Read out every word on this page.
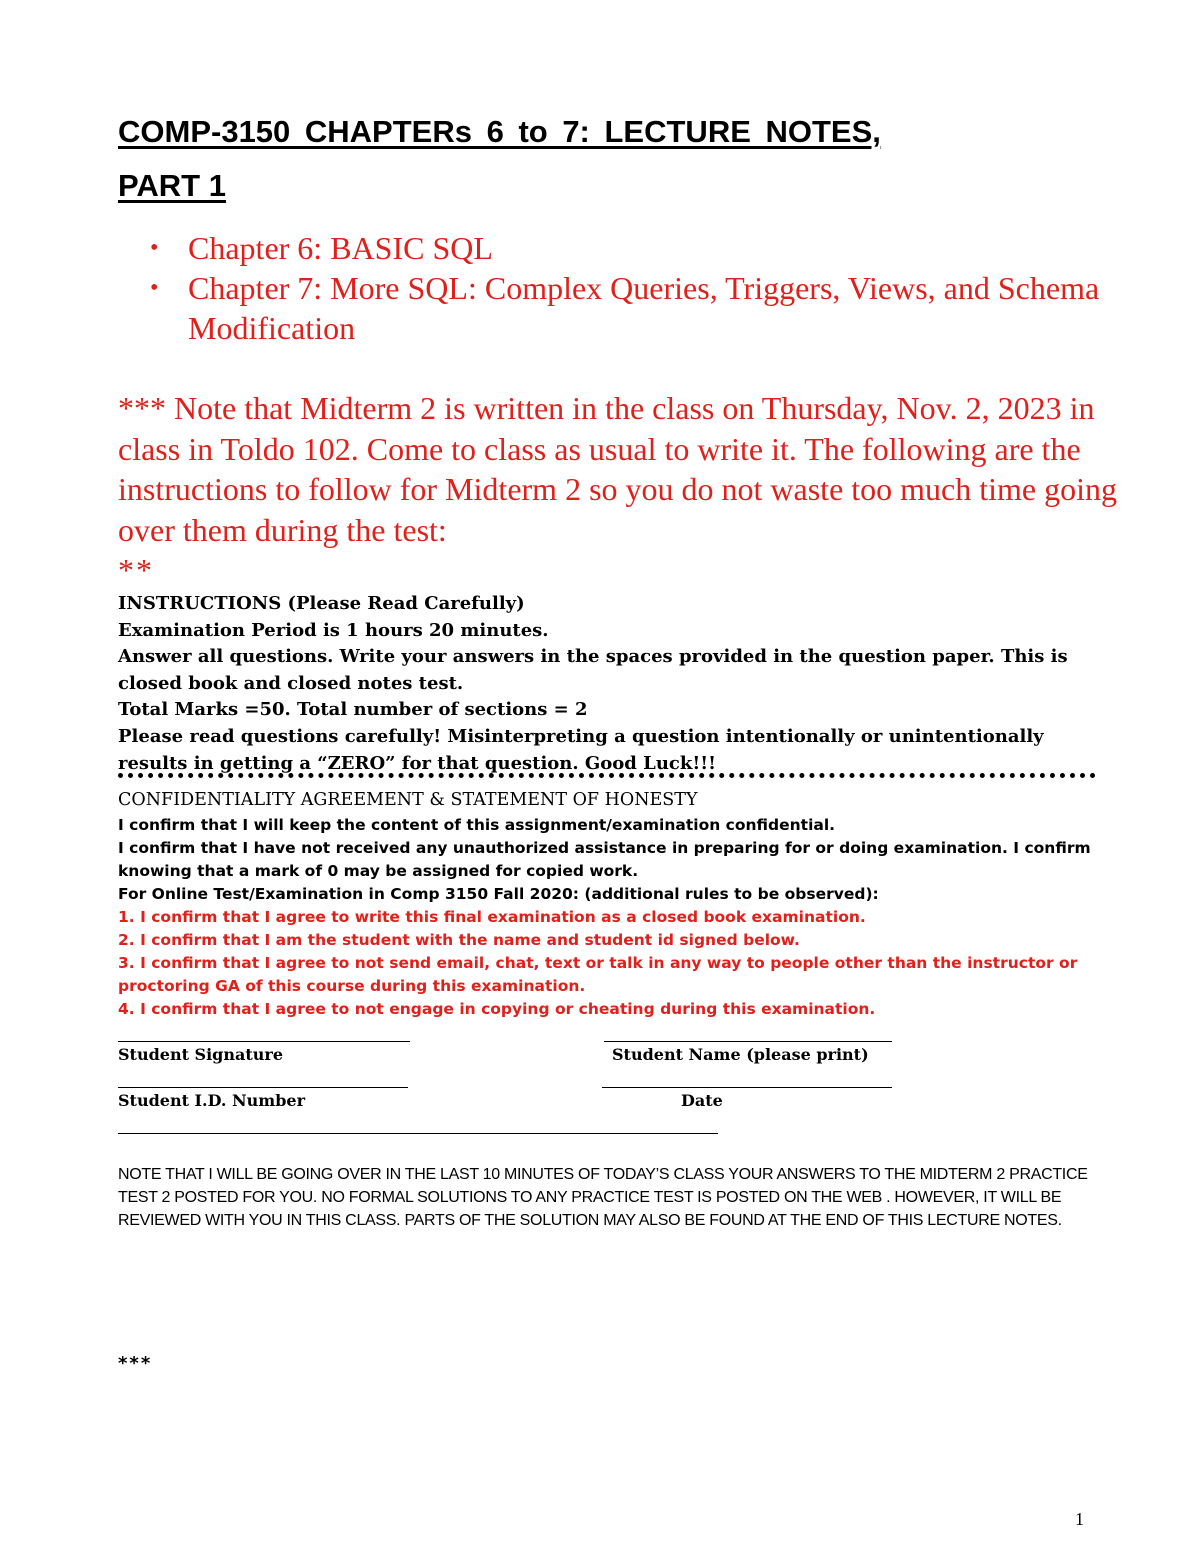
COMP-3150 CHAPTERs 6 to 7: LECTURE NOTES,
PART 1
• Chapter 6: BASIC SQL
• Chapter 7: More SQL: Complex Queries, Triggers, Views, and Schema Modification
*** Note that Midterm 2 is written in the class on Thursday, Nov. 2, 2023 in class in Toldo 102. Come to class as usual to write it. The following are the instructions to follow for Midterm 2 so you do not waste too much time going over them during the test:
**

INSTRUCTIONS (Please Read Carefully)

Examination Period is 1 hours 20 minutes.

Answer all questions. Write your answers in the spaces provided in the question paper. This is closed book and closed notes test.

Total Marks =50. Total number of sections = 2

Please read questions carefully! Misinterpreting a question intentionally or unintentionally results in getting a “ZERO” for that question. Good Luck!!!

CONFIDENTIALITY AGREEMENT & STATEMENT OF HONESTY

I confirm that I will keep the content of this assignment/examination confidential.

I confirm that I have not received any unauthorized assistance in preparing for or doing examination. I confirm knowing that a mark of 0 may be assigned for copied work.

For Online Test/Examination in Comp 3150 Fall 2020: (additional rules to be observed):

1. I confirm that I agree to write this final examination as a closed book examination.

2. I confirm that I am the student with the name and student id signed below.

3. I confirm that I agree to not send email, chat, text or talk in any way to people other than the instructor or proctoring GA of this course during this examination.

4. I confirm that I agree to not engage in copying or cheating during this examination.

Student Signature	Student Name (please print)

Student I.D. Number	Date

NOTE THAT I WILL BE GOING OVER IN THE LAST 10 MINUTES OF TODAY’S CLASS YOUR ANSWERS TO THE MIDTERM 2 PRACTICE TEST 2 POSTED FOR YOU. NO FORMAL SOLUTIONS TO ANY PRACTICE TEST IS POSTED ON THE WEB . HOWEVER, IT WILL BE REVIEWED WITH YOU IN THIS CLASS. PARTS OF THE SOLUTION MAY ALSO BE FOUND AT THE END OF THIS LECTURE NOTES.

***

1
